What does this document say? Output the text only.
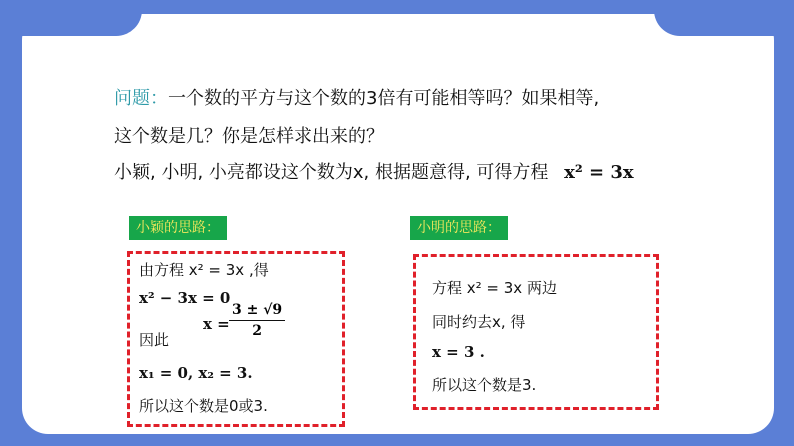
问题：一个数的平方与这个数的3倍有可能相等吗？如果相等,
这个数是几？你是怎样求出来的？
小颖, 小明, 小亮都设这个数为x, 根据题意得, 可得方程 x² = 3x
小颖的思路：
由方程 x² = 3x ,得
x² − 3x = 0
因此
$x = \frac{3 \pm √9}{2}$
x₁ = 0, x₂ = 3.
所以这个数是0或3.
小明的思路：
方程 x² = 3x 两边
同时约去x, 得
x = 3 .
所以这个数是3.
